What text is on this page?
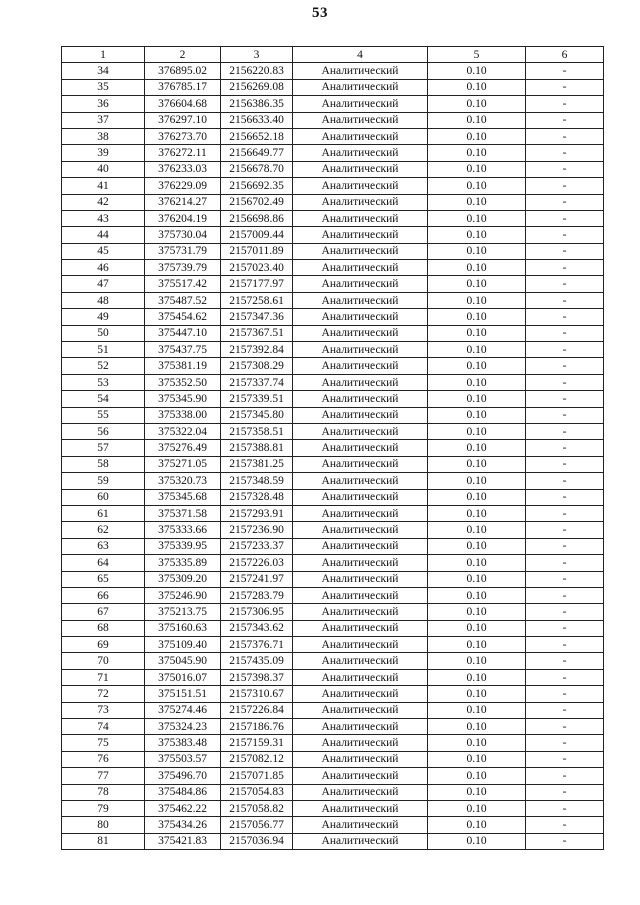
53
1	2	3	4	5	6
34	376895.02	2156220.83	Аналитический	0.10	-
35	376785.17	2156269.08	Аналитический	0.10	-
36	376604.68	2156386.35	Аналитический	0.10	-
37	376297.10	2156633.40	Аналитический	0.10	-
38	376273.70	2156652.18	Аналитический	0.10	-
39	376272.11	2156649.77	Аналитический	0.10	-
40	376233.03	2156678.70	Аналитический	0.10	-
41	376229.09	2156692.35	Аналитический	0.10	-
42	376214.27	2156702.49	Аналитический	0.10	-
43	376204.19	2156698.86	Аналитический	0.10	-
44	375730.04	2157009.44	Аналитический	0.10	-
45	375731.79	2157011.89	Аналитический	0.10	-
46	375739.79	2157023.40	Аналитический	0.10	-
47	375517.42	2157177.97	Аналитический	0.10	-
48	375487.52	2157258.61	Аналитический	0.10	-
49	375454.62	2157347.36	Аналитический	0.10	-
50	375447.10	2157367.51	Аналитический	0.10	-
51	375437.75	2157392.84	Аналитический	0.10	-
52	375381.19	2157308.29	Аналитический	0.10	-
53	375352.50	2157337.74	Аналитический	0.10	-
54	375345.90	2157339.51	Аналитический	0.10	-
55	375338.00	2157345.80	Аналитический	0.10	-
56	375322.04	2157358.51	Аналитический	0.10	-
57	375276.49	2157388.81	Аналитический	0.10	-
58	375271.05	2157381.25	Аналитический	0.10	-
59	375320.73	2157348.59	Аналитический	0.10	-
60	375345.68	2157328.48	Аналитический	0.10	-
61	375371.58	2157293.91	Аналитический	0.10	-
62	375333.66	2157236.90	Аналитический	0.10	-
63	375339.95	2157233.37	Аналитический	0.10	-
64	375335.89	2157226.03	Аналитический	0.10	-
65	375309.20	2157241.97	Аналитический	0.10	-
66	375246.90	2157283.79	Аналитический	0.10	-
67	375213.75	2157306.95	Аналитический	0.10	-
68	375160.63	2157343.62	Аналитический	0.10	-
69	375109.40	2157376.71	Аналитический	0.10	-
70	375045.90	2157435.09	Аналитический	0.10	-
71	375016.07	2157398.37	Аналитический	0.10	-
72	375151.51	2157310.67	Аналитический	0.10	-
73	375274.46	2157226.84	Аналитический	0.10	-
74	375324.23	2157186.76	Аналитический	0.10	-
75	375383.48	2157159.31	Аналитический	0.10	-
76	375503.57	2157082.12	Аналитический	0.10	-
77	375496.70	2157071.85	Аналитический	0.10	-
78	375484.86	2157054.83	Аналитический	0.10	-
79	375462.22	2157058.82	Аналитический	0.10	-
80	375434.26	2157056.77	Аналитический	0.10	-
81	375421.83	2157036.94	Аналитический	0.10	-
